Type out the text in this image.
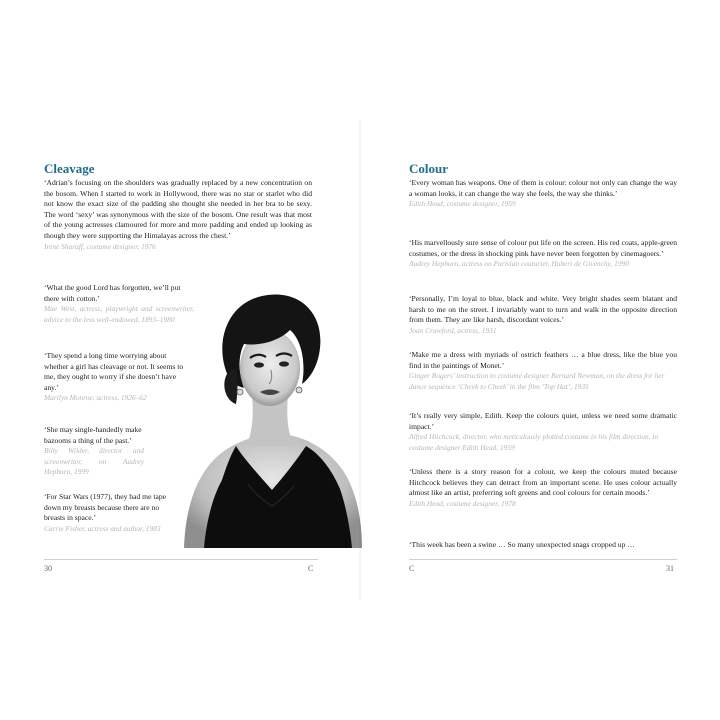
Cleavage

‘Adrian’s focusing on the shoulders was gradually replaced by a new concentration on the bosom. When I started to work in Hollywood, there was no star or starlet who did not know the exact size of the padding she thought she needed in her bra to be sexy. The word ‘sexy’ was synonymous with the size of the bosom. One result was that most of the young actresses clamoured for more and more padding and ended up looking as though they were supporting the Himalayas across the chest.’

Irene Sharaff, costume designer, 1976

‘What the good Lord has forgotten, we’ll put there with cotton.’

Mae West, actress, playwright and screenwriter, advice to the less well-endowed, 1893–1980

‘They spend a long time worrying about whether a girl has cleavage or not. It seems to me, they ought to worry if she doesn’t have any.’

Marilyn Monroe, actress, 1926–62

‘She may single-handedly make bazooms a thing of the past.’

Billy Wilder, director and screenwriter, on Audrey Hepburn, 1999

‘For Star Wars (1977), they had me tape down my breasts because there are no breasts in space.’

Carrie Fisher, actress and author, 1983

30	C
Colour

‘Every woman has weapons. One of them is colour: colour not only can change the way a woman looks, it can change the way she feels, the way she thinks.’

Edith Head, costume designer, 1959

‘His marvellously sure sense of colour put life on the screen. His red coats, apple-green costumes, or the dress in shocking pink have never been forgotten by cinemagoers.’

Audrey Hepburn, actress on Parisian couturier, Hubert de Givenchy, 1990

‘Personally, I’m loyal to blue, black and white. Very bright shades seem blatant and harsh to me on the street. I invariably want to turn and walk in the opposite direction from them. They are like harsh, discordant voices.’

Joan Crawford, actress, 1931

‘Make me a dress with myriads of ostrich feathers … a blue dress, like the blue you find in the paintings of Monet.’

Ginger Rogers’ instruction to costume designer Bernard Newman, on the dress for her dance sequence ‘Cheek to Cheek’ in the film ‘Top Hat’, 1935

‘It’s really very simple, Edith. Keep the colours quiet, unless we need some dramatic impact.’

Alfred Hitchcock, director, who meticulously plotted costume in his film direction, to costume designer Edith Head, 1959

‘Unless there is a story reason for a colour, we keep the colours muted because Hitchcock believes they can detract from an important scene. He uses colour actually almost like an artist, preferring soft greens and cool colours for certain moods.’

Edith Head, costume designer, 1978

‘This week has been a swine … So many unexpected snags cropped up …

C	31
